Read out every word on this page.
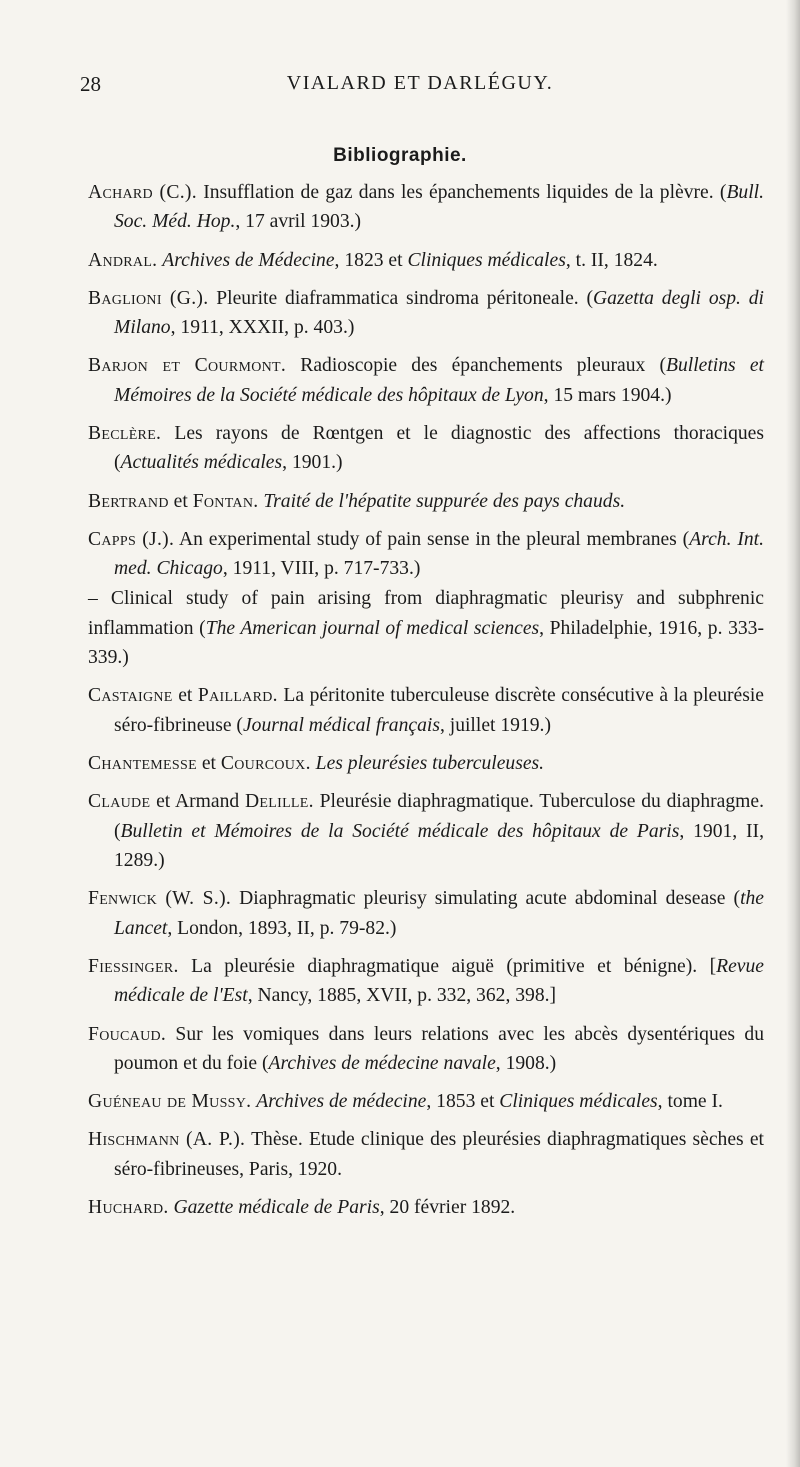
28	VIALARD ET DARLÉGUY.
Bibliographie.

Achard (C.). Insufflation de gaz dans les épanchements liquides de la plèvre. (Bull. Soc. Méd. Hop., 17 avril 1903.)

Andral. Archives de Médecine, 1823 et Cliniques médicales, t. II, 1824.

Baglioni (G.). Pleurite diaframmatica sindroma péritoneale. (Gazetta degli osp. di Milano, 1911, XXXII, p. 403.)

Barjon et Courmont. Radioscopie des épanchements pleuraux (Bulletins et Mémoires de la Société médicale des hôpitaux de Lyon, 15 mars 1904.)

Beclère. Les rayons de Rœntgen et le diagnostic des affections thoraciques (Actualités médicales, 1901.)

Bertrand et Fontan. Traité de l'hépatite suppurée des pays chauds.

Capps (J.). An experimental study of pain sense in the pleural membranes (Arch. Int. med. Chicago, 1911, VIII, p. 717-733.)

– Clinical study of pain arising from diaphragmatic pleurisy and subphrenic inflammation (The American journal of medical sciences, Philadelphie, 1916, p. 333-339.)

Castaigne et Paillard. La péritonite tuberculeuse discrète consécutive à la pleurésie séro-fibrineuse (Journal médical français, juillet 1919.)

Chantemesse et Courcoux. Les pleurésies tuberculeuses.

Claude et Armand Delille. Pleurésie diaphragmatique. Tuberculose du diaphragme. (Bulletin et Mémoires de la Société médicale des hôpitaux de Paris, 1901, II, 1289.)

Fenwick (W. S.). Diaphragmatic pleurisy simulating acute abdominal desease (the Lancet, London, 1893, II, p. 79-82.)

Fiessinger. La pleurésie diaphragmatique aiguë (primitive et bénigne). [Revue médicale de l'Est, Nancy, 1885, XVII, p. 332, 362, 398.]

Foucaud. Sur les vomiques dans leurs relations avec les abcès dysentériques du poumon et du foie (Archives de médecine navale, 1908.)

Guéneau de Mussy. Archives de médecine, 1853 et Cliniques médicales, tome I.

Hischmann (A. P.). Thèse. Etude clinique des pleurésies diaphragmatiques sèches et séro-fibrineuses, Paris, 1920.

Huchard. Gazette médicale de Paris, 20 février 1892.
